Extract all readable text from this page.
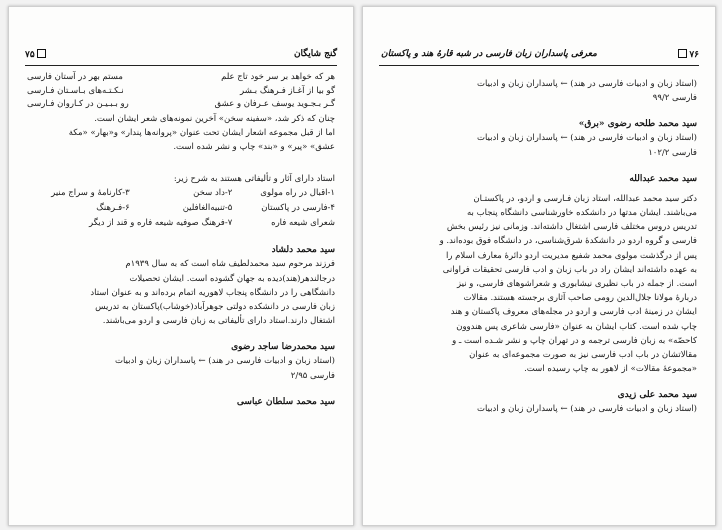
گنج شایگان
۷۵
هر که خواهد بر سر خود تاج علم
مستم بهر در آستان فارسی
گو بیا از آغـاز فـرهنگ بـشر
نـکـتـه‌های بـاسـتان فـارسی
گـر بـجـوید یوسف عـرفان و عشق
رو بـبـیـن در کـاروان فـارسی

چنان که ذکر شد، «سفینه سخن» آخرین نمونه‌های شعر ایشان است.
اما از قبل مجموعه اشعار ایشان تحت عنوان «پروانه‌ها پندار» و«بهار» «مکة
عشق» «پیر» و «بند» چاپ و نشر شده است.

استاد دارای آثار و تألیفاتی هستند به شرح زیر:

۱-اقبال در راه مولوی
۲-داد سخن
۳-کارنامهٔ و سراج منیر
۴-فارسی در پاکستان
۵-تنبیه‌الغافلین
۶-فـرهنگ
شعرای شیعه فاره
۷-فرهنگ صوفیه شیعه فاره و قند از دیگر

سید محمد دلشاد

فرزند مرحوم سید محمدلطیف شاه است که به سال ۱۹۳۹م
درجالندهر(هند)دیده به جهان گشوده است. ایشان تحصیلات
دانشگاهی را در دانشگاه پنجاب لاهوریه اتمام برده‌اند و به عنوان استاد
زبان فارسی در دانشکده دولتی جوهرآباد(خوشاب)پاکستان به تدریس
اشتغال دارند.استاد دارای تألیفاتی به زبان فارسی و اردو می‌باشند.

سید محمدرضا ساجد رضوی

(استاد زبان و ادبیات فارسی در هند) ← پاسداران زبان و ادبیات
فارسی ۲/۹۵

سید محمد سلطان عباسی

۷۶
معرفی پاسداران زبان فارسی در شبه قارهٔ هند و پاکستان

(استاد زبان و ادبیات فارسی در هند) ← پاسداران زبان و ادبیات
فارسی ۹۹/۲

سید محمد طلحه رضوی «برق»

(استاد زبان و ادبیات فارسی در هند) ← پاسداران زبان و ادبیات
فارسی ۱۰۲/۲

سید محمد عبدالله

دکتر سید محمد عبدالله، استاد زبان فـارسی و اردو، در پاکستـان
می‌باشند. ایشان مدتها در دانشکده خاورشناسی دانشگاه پنجاب به
تدریس دروس مختلف فارسی اشتغال داشته‌اند. وزمانی نیز رئیس بخش
فارسی و گروه اردو در دانشکدهٔ شرق‌شناسی، در دانشگاه فوق بوده‌اند. و
پس از درگذشت مولوی محمد شفیع مدیریت اردو دائرهٔ معارف اسلام را
به عهده داشته‌اند ایشان راد در باب زبان و ادب فارسی تحقیقات فراوانی
است. از جمله در باب نظیری نیشابوری و شعراشوهای فارسی، و نیز
دربارهٔ مولانا جلال‌الدین رومی صاحب آثاری برجسته هستند. مقالات
ایشان در زمینهٔ ادب فارسی و اردو در مجله‌های معروف پاکستان و هند
چاپ شده است. کتاب ایشان به عنوان «فارسی شاعری پس هندوون
کاحصّه» به زبان فارسی ترجمه و در تهران چاپ و نشر شـده است ـ و
مقالاتشان در باب ادب فارسی نیز به صورت مجموعه‌ای به عنوان
«مجموعهٔ مقالات» از لاهور به چاپ رسیده است.

سید محمد علی زیدی

(استاد زبان و ادبیات فارسی در هند) ← پاسداران زبان و ادبیات
